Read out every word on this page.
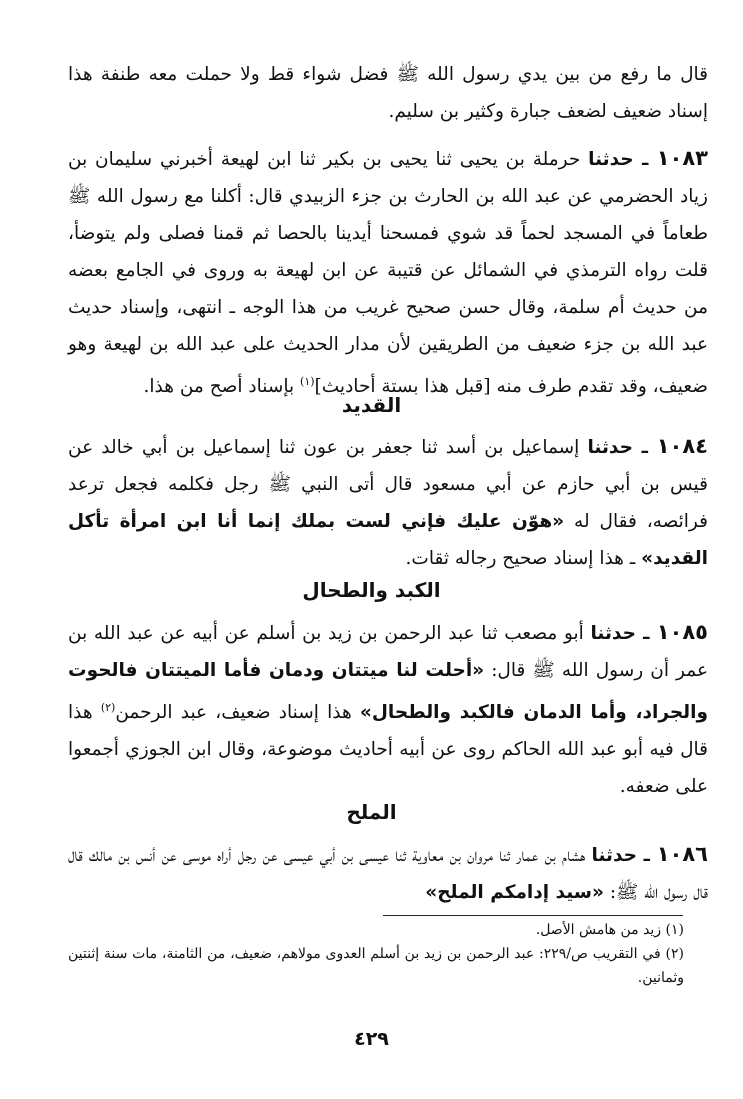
قال ما رفع من بين يدي رسول الله ﷺ فضل شواء قط ولا حملت معه طنفة هذا إسناد ضعيف لضعف جبارة وكثير بن سليم.

١٠٨٣ ـ حدثنا حرملة بن يحيى ثنا يحيى بن بكير ثنا ابن لهيعة أخبرني سليمان بن زياد الحضرمي عن عبد الله بن الحارث بن جزء الزبيدي قال: أكلنا مع رسول الله ﷺ طعاماً في المسجد لحماً قد شوي فمسحنا أيدينا بالحصا ثم قمنا فصلى ولم يتوضأ، قلت رواه الترمذي في الشمائل عن قتيبة عن ابن لهيعة به وروى في الجامع بعضه من حديث أم سلمة، وقال حسن صحيح غريب من هذا الوجه ـ انتهى، وإسناد حديث عبد الله بن جزء ضعيف من الطريقين لأن مدار الحديث على عبد الله بن لهيعة وهو ضعيف، وقد تقدم طرف منه [قبل هذا بستة أحاديث]$^{(١)}$ بإسناد أصح من هذا.

القديد

١٠٨٤ ـ حدثنا إسماعيل بن أسد ثنا جعفر بن عون ثنا إسماعيل بن أبي خالد عن قيس بن أبي حازم عن أبي مسعود قال أتى النبي ﷺ رجل فكلمه فجعل ترعد فرائصه، فقال له «هوّن عليك فإني لست بملك إنما أنا ابن امرأة تأكل القديد» ـ هذا إسناد صحيح رجاله ثقات.

الكبد والطحال

١٠٨٥ ـ حدثنا أبو مصعب ثنا عبد الرحمن بن زيد بن أسلم عن أبيه عن عبد الله بن عمر أن رسول الله ﷺ قال: «أحلت لنا ميتتان ودمان فأما الميتتان فالحوت والجراد، وأما الدمان فالكبد والطحال» هذا إسناد ضعيف، عبد الرحمن$^{(٢)}$ هذا قال فيه أبو عبد الله الحاكم روى عن أبيه أحاديث موضوعة، وقال ابن الجوزي أجمعوا على ضعفه.

الملح

١٠٨٦ ـ حدثنا هشام بن عمار ثنا مروان بن معاوية ثنا عيسى بن أبي عيسى عن رجل أراه موسى عن أنس بن مالك قال قال رسول الله ﷺ: «سيد إدامكم الملح»

(١) زيد من هامش الأصل.
(٢) في التقريب ص/٢٢٩: عبد الرحمن بن زيد بن أسلم العدوى مولاهم، ضعيف، من الثامنة، مات سنة إثنتين وثمانين.
٤٢٩
